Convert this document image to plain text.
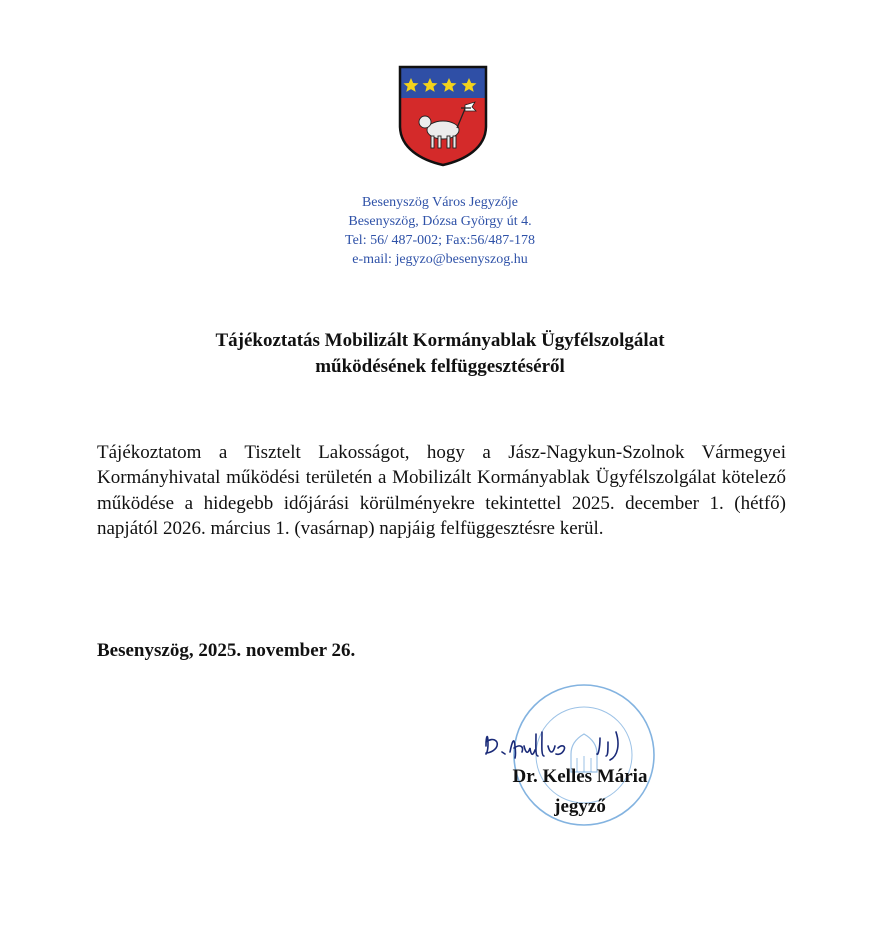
Besenyszög Város Jegyzője
Besenyszög, Dózsa György út 4.
Tel: 56/ 487-002; Fax:56/487-178
e-mail: jegyzo@besenyszog.hu
Tájékoztatás Mobilizált Kormányablak Ügyfélszolgálat
működésének felfüggesztéséről
Tájékoztatom a Tisztelt Lakosságot, hogy a Jász-Nagykun-Szolnok Vármegyei Kormányhivatal működési területén a Mobilizált Kormányablak Ügyfélszolgálat kötelező működése a hidegebb időjárási körülményekre tekintettel 2025. december 1. (hétfő) napjától 2026. március 1. (vasárnap) napjáig felfüggesztésre kerül.
Besenyszög, 2025. november 26.
Dr. Kelles Mária
jegyző
